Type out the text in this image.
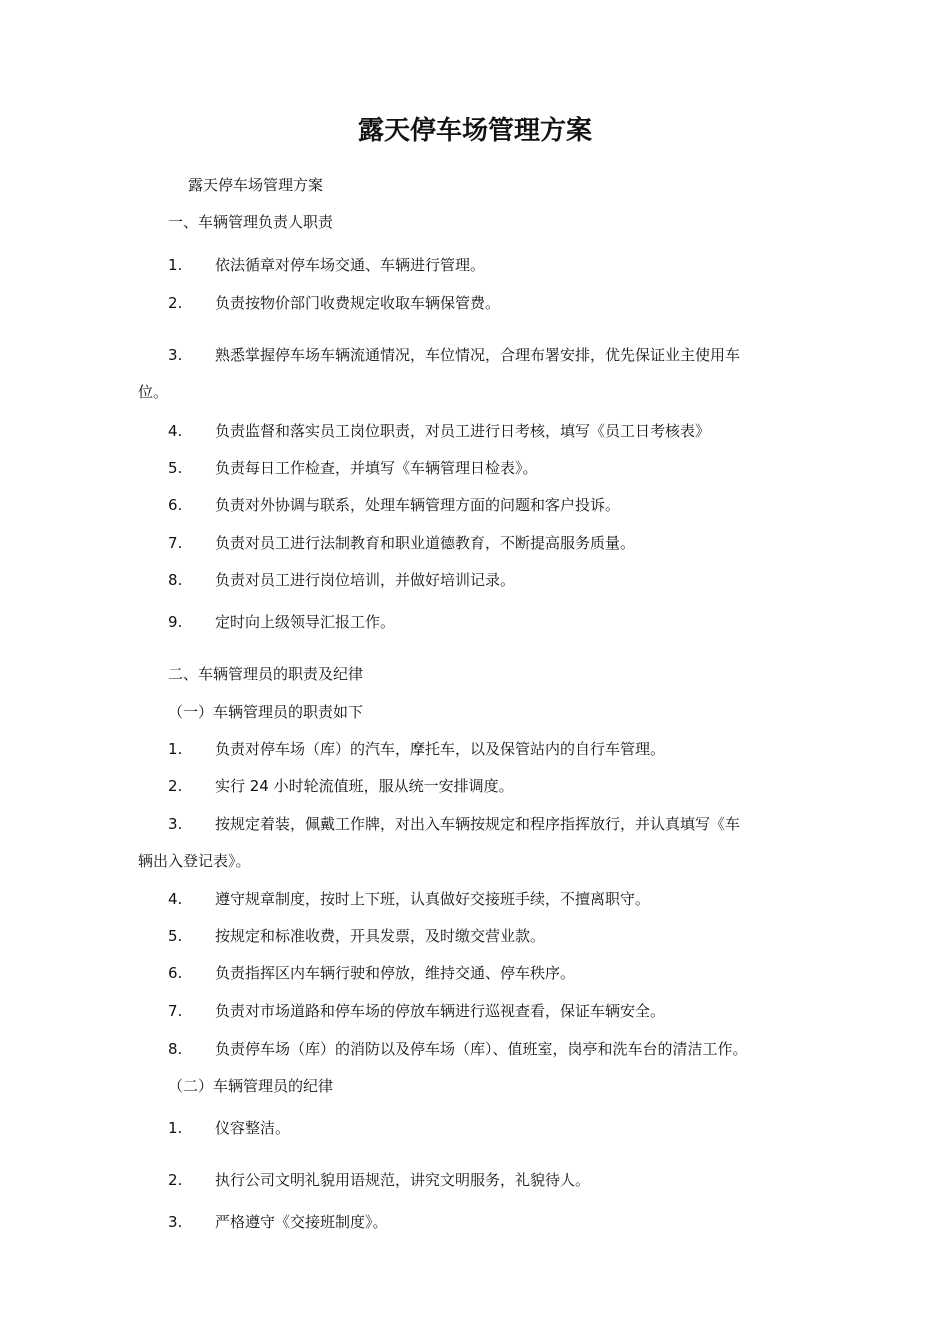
露天停车场管理方案
露天停车场管理方案
一、车辆管理负责人职责
1. 依法循章对停车场交通、车辆进行管理。
2. 负责按物价部门收费规定收取车辆保管费。
3. 熟悉掌握停车场车辆流通情况，车位情况，合理布署安排，优先保证业主使用车
位。
4. 负责监督和落实员工岗位职责，对员工进行日考核，填写《员工日考核表》
5. 负责每日工作检查，并填写《车辆管理日检表》。
6. 负责对外协调与联系，处理车辆管理方面的问题和客户投诉。
7. 负责对员工进行法制教育和职业道德教育，不断提高服务质量。
8. 负责对员工进行岗位培训，并做好培训记录。
9. 定时向上级领导汇报工作。
二、车辆管理员的职责及纪律
（一）车辆管理员的职责如下
1. 负责对停车场（库）的汽车，摩托车，以及保管站内的自行车管理。
2. 实行 24 小时轮流值班，服从统一安排调度。
3. 按规定着装，佩戴工作牌，对出入车辆按规定和程序指挥放行，并认真填写《车
辆出入登记表》。
4. 遵守规章制度，按时上下班，认真做好交接班手续，不擅离职守。
5. 按规定和标准收费，开具发票，及时缴交营业款。
6. 负责指挥区内车辆行驶和停放，维持交通、停车秩序。
7. 负责对市场道路和停车场的停放车辆进行巡视查看，保证车辆安全。
8. 负责停车场（库）的消防以及停车场（库）、值班室，岗亭和洗车台的清洁工作。
（二）车辆管理员的纪律
1. 仪容整洁。
2. 执行公司文明礼貌用语规范，讲究文明服务，礼貌待人。
3. 严格遵守《交接班制度》。
